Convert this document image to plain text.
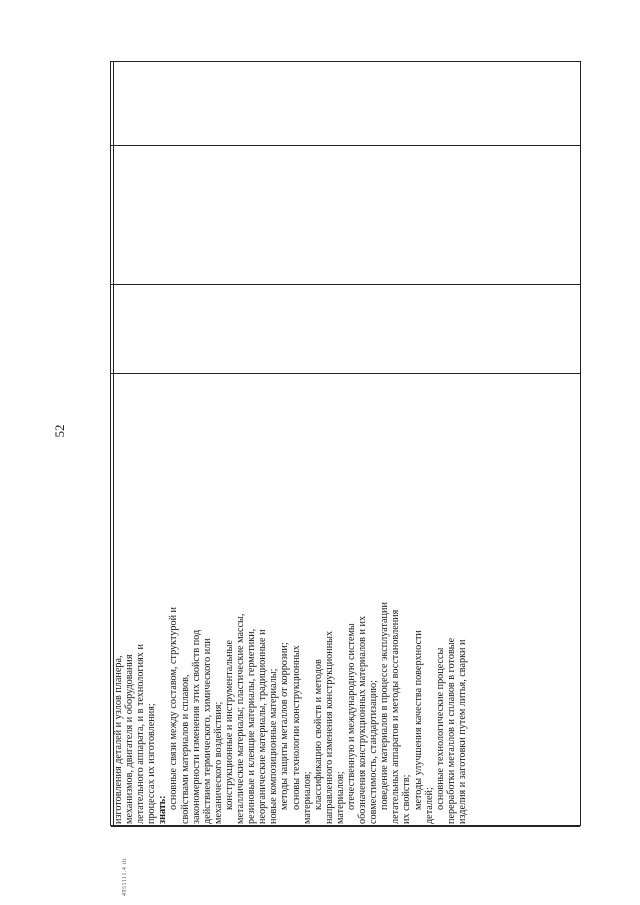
изготовления деталей и узлов планера, механизмов, двигателя и оборудования летательного аппарата, и в технологиях и процессах их изготовления; знать: основные связи между составом, структурой и свойствами материалов и сплавов, закономерности изменения этих свойств под действием термического, химического или механического воздействия; конструкционные и инструментальные металлические материалы; пластические массы, резиновые и клеящие материалы, герметики, неорганические материалы, традиционные и новые композиционные материалы; методы защиты металлов от коррозии; основы технологии конструкционных материалов; классификацию свойств и методов направленного изменения конструкционных материалов; отечественную и международную системы обозначения конструкционных материалов и их совместимость, стандартизацию; поведение материалов в процессе эксплуатации летательных аппаратов и методы восстановления их свойств; методы улучшения качества поверхности деталей; основные технологические процессы переработки металлов и сплавов в готовые изделия и заготовки путем литья, сварки и

52
4951111.4 ilt
